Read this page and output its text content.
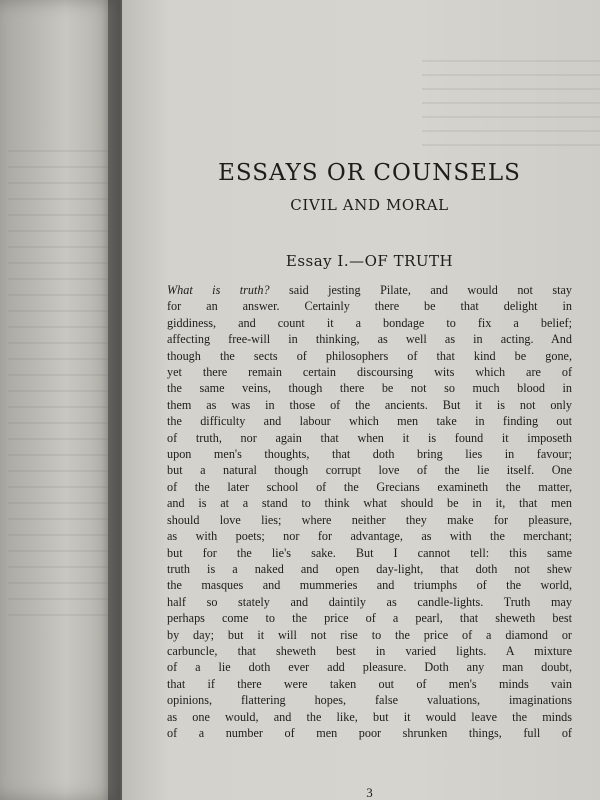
ESSAYS OR COUNSELS
CIVIL AND MORAL
Essay I.—OF TRUTH
What is truth? said jesting Pilate, and would not stay
for an answer. Certainly there be that delight in
giddiness, and count it a bondage to fix a belief;
affecting free-will in thinking, as well as in acting. And
though the sects of philosophers of that kind be gone,
yet there remain certain discoursing wits which are of
the same veins, though there be not so much blood in
them as was in those of the ancients. But it is not only
the difficulty and labour which men take in finding out
of truth, nor again that when it is found it imposeth
upon men's thoughts, that doth bring lies in favour;
but a natural though corrupt love of the lie itself. One
of the later school of the Grecians examineth the matter,
and is at a stand to think what should be in it, that men
should love lies; where neither they make for pleasure,
as with poets; nor for advantage, as with the merchant;
but for the lie's sake. But I cannot tell: this same
truth is a naked and open day-light, that doth not shew
the masques and mummeries and triumphs of the world,
half so stately and daintily as candle-lights. Truth may
perhaps come to the price of a pearl, that sheweth best
by day; but it will not rise to the price of a diamond or
carbuncle, that sheweth best in varied lights. A mixture
of a lie doth ever add pleasure. Doth any man doubt,
that if there were taken out of men's minds vain
opinions, flattering hopes, false valuations, imaginations
as one would, and the like, but it would leave the minds
of a number of men poor shrunken things, full of
3
